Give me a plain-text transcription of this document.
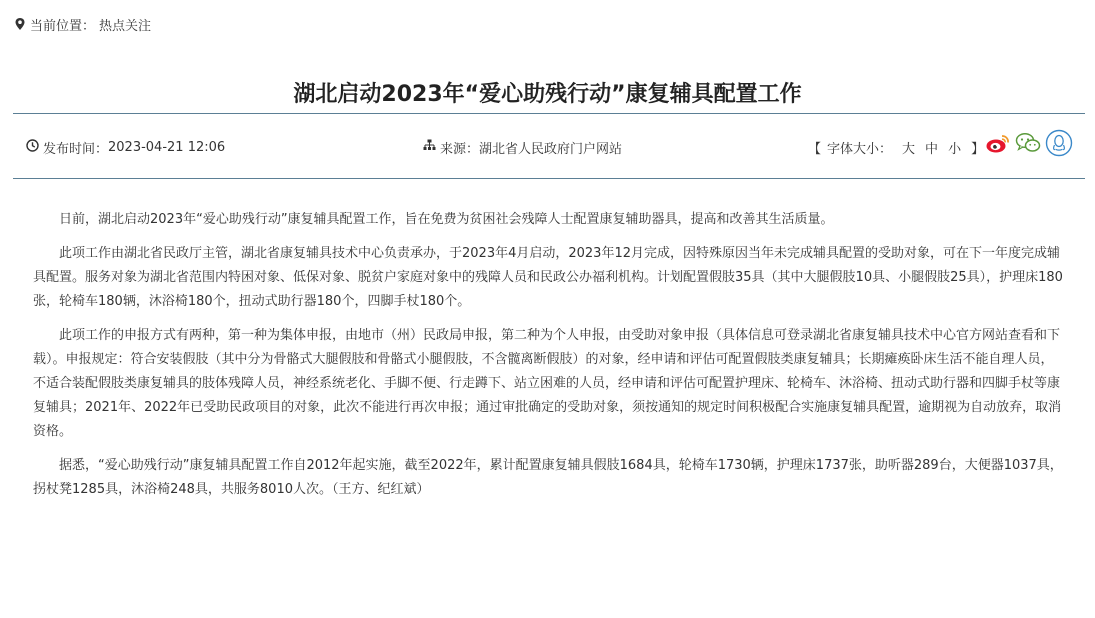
当前位置： 热点关注
湖北启动2023年“爱心助残行动”康复辅具配置工作
发布时间： 2023-04-21 12:06	来源： 湖北省人民政府门户网站	【 字体大小： 大 中 小 】

日前，湖北启动2023年“爱心助残行动”康复辅具配置工作，旨在免费为贫困社会残障人士配置康复辅助器具，提高和改善其生活质量。

此项工作由湖北省民政厅主管，湖北省康复辅具技术中心负责承办，于2023年4月启动，2023年12月完成，因特殊原因当年未完成辅具配置的受助对象，可在下一年度完成辅具配置。服务对象为湖北省范围内特困对象、低保对象、脱贫户家庭对象中的残障人员和民政公办福利机构。计划配置假肢35具（其中大腿假肢10具、小腿假肢25具），护理床180张，轮椅车180辆，沐浴椅180个，扭动式助行器180个，四脚手杖180个。

此项工作的申报方式有两种，第一种为集体申报，由地市（州）民政局申报，第二种为个人申报，由受助对象申报（具体信息可登录湖北省康复辅具技术中心官方网站查看和下载）。申报规定：符合安装假肢（其中分为骨骼式大腿假肢和骨骼式小腿假肢，不含髋离断假肢）的对象，经申请和评估可配置假肢类康复辅具；长期瘫痪卧床生活不能自理人员，不适合装配假肢类康复辅具的肢体残障人员，神经系统老化、手脚不便、行走蹲下、站立困难的人员，经申请和评估可配置护理床、轮椅车、沐浴椅、扭动式助行器和四脚手杖等康复辅具；2021年、2022年已受助民政项目的对象，此次不能进行再次申报；通过审批确定的受助对象，须按通知的规定时间积极配合实施康复辅具配置，逾期视为自动放弃，取消资格。

据悉，“爱心助残行动”康复辅具配置工作自2012年起实施，截至2022年，累计配置康复辅具假肢1684具，轮椅车1730辆，护理床1737张，助听器289台，大便器1037具，拐杖凳1285具，沐浴椅248具，共服务8010人次。（王方、纪红斌）
